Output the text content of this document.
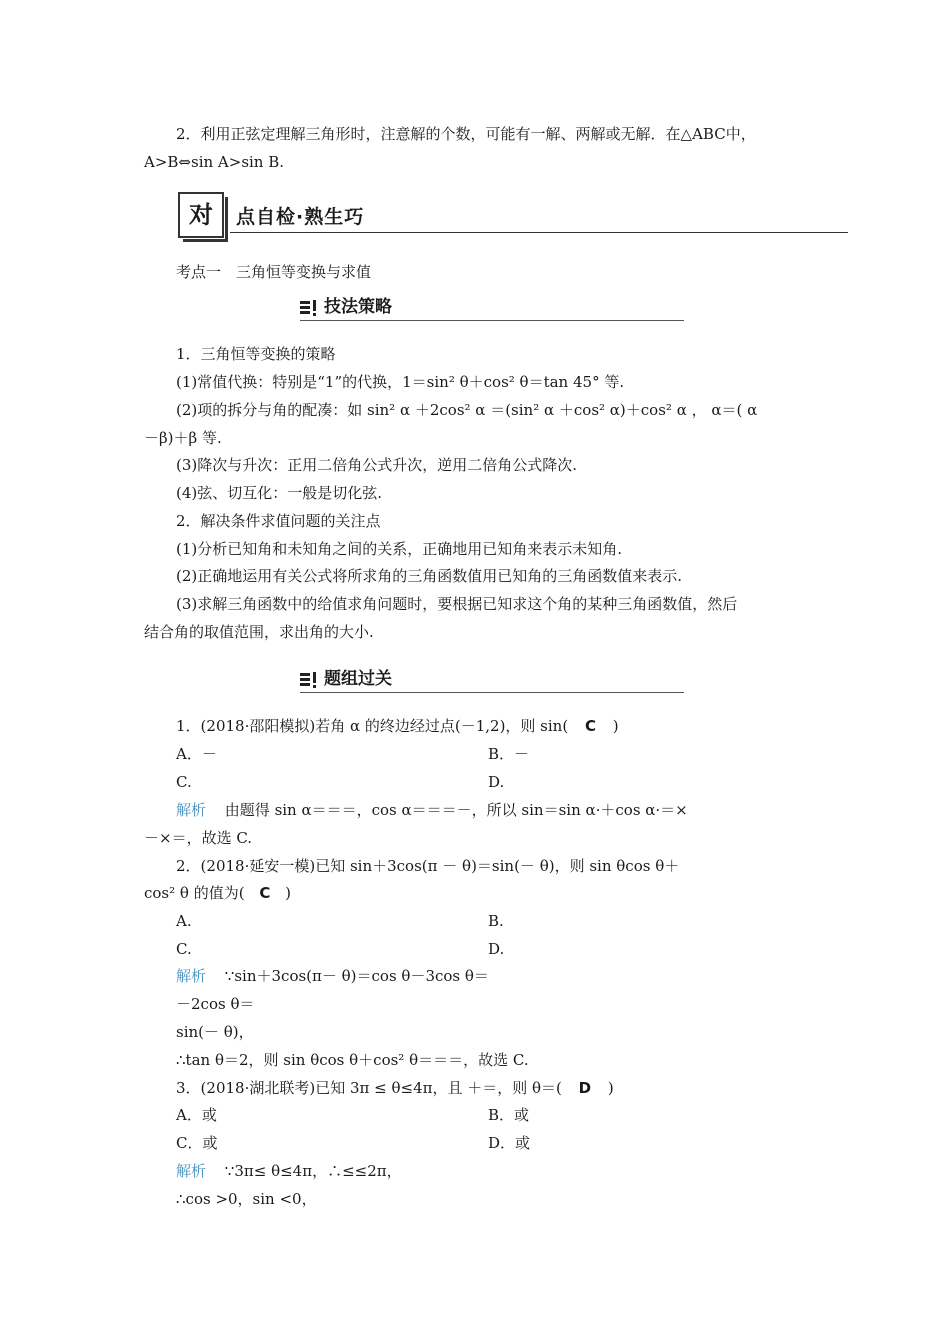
2．利用正弦定理解三角形时，注意解的个数，可能有一解、两解或无解．在△ABC中，
A>B⇔sin A>sin B.
对	点自检·熟生巧
考点一　三角恒等变换与求值
技法策略
1．三角恒等变换的策略
(1)常值代换：特别是“1”的代换，1＝sin² θ＋cos² θ＝tan 45° 等.
(2)项的拆分与角的配凑：如 sin² α ＋2cos² α ＝(sin² α ＋cos² α)＋cos² α ， α＝( α
－β)＋β 等.
(3)降次与升次：正用二倍角公式升次，逆用二倍角公式降次.
(4)弦、切互化：一般是切化弦.
2．解决条件求值问题的关注点
(1)分析已知角和未知角之间的关系，正确地用已知角来表示未知角.
(2)正确地运用有关公式将所求角的三角函数值用已知角的三角函数值来表示.
(3)求解三角函数中的给值求角问题时，要根据已知求这个角的某种三角函数值，然后
结合角的取值范围，求出角的大小.
题组过关
1．(2018·邵阳模拟)若角 α 的终边经过点(－1,2)，则 sin( C )
A．－	B．－
C.	D.
解析 由题得 sin α＝＝＝，cos α＝＝＝－，所以 sin＝sin α·＋cos α·＝×
－×＝，故选 C.
2．(2018·延安一模)已知 sin＋3cos(π － θ)＝sin(－ θ)，则 sin θcos θ＋
cos² θ 的值为( C )
A.	B.
C.	D.
解析 ∵sin＋3cos(π－ θ)＝cos θ－3cos θ＝
－2cos θ＝
sin(－ θ)，
∴tan θ＝2，则 sin θcos θ＋cos² θ＝＝＝，故选 C.
3．(2018·湖北联考)已知 3π ≤ θ≤4π，且 ＋＝，则 θ＝( D )
A．或	B．或
C．或	D．或
解析 ∵3π≤ θ≤4π，∴≤≤2π，
∴cos >0，sin <0，
